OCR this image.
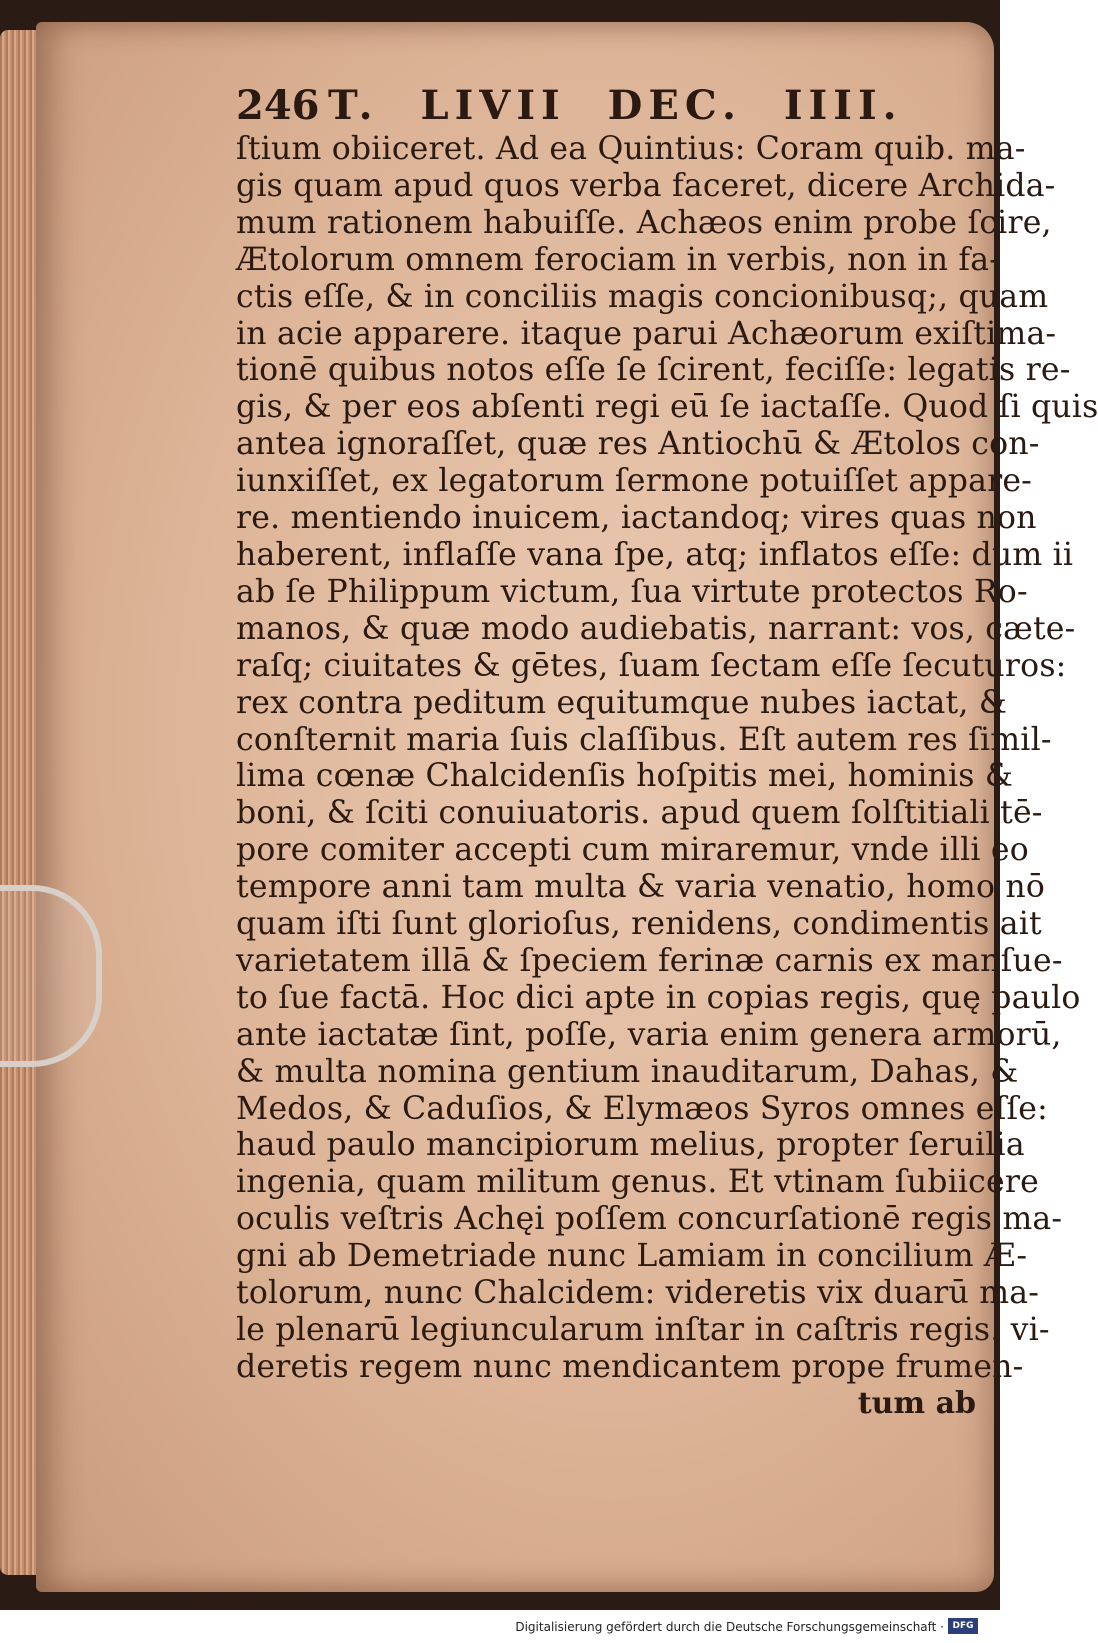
246 T. LIVII DEC. IIII.
ſtium obiiceret. Ad ea Quintius: Coram quib. ma-
gis quam apud quos verba faceret, dicere Archida-
mum rationem habuiſſe. Achæos enim probe ſcire,
Ætolorum omnem ferociam in verbis, non in fa-
ctis eſſe, & in conciliis magis concionibusq;, quam
in acie apparere. itaque parui Achæorum exiſtima-
tionē quibus notos eſſe ſe ſcirent, feciſſe: legatis re-
gis, & per eos abſenti regi eū ſe iactaſſe. Quod ſi quis
antea ignoraſſet, quæ res Antiochū & Ætolos con-
iunxiſſet, ex legatorum ſermone potuiſſet appare-
re. mentiendo inuicem, iactandoq; vires quas non
haberent, inflaſſe vana ſpe, atq; inflatos eſſe: dum ii
ab ſe Philippum victum, ſua virtute protectos Ro-
manos, & quæ modo audiebatis, narrant: vos, cæte-
raſq; ciuitates & gētes, ſuam ſectam eſſe ſecuturos:
rex contra peditum equitumque nubes iactat, &
conſternit maria ſuis claſſibus. Eſt autem res ſimil-
lima cœnæ Chalcidenſis hoſpitis mei, hominis &
boni, & ſciti conuiuatoris. apud quem ſolſtitiali tē-
pore comiter accepti cum miraremur, vnde illi eo
tempore anni tam multa & varia venatio, homo nō
quam iſti ſunt glorioſus, renidens, condimentis ait
varietatem illā & ſpeciem ferinæ carnis ex manſue-
to ſue factā. Hoc dici apte in copias regis, quę paulo
ante iactatæ ſint, poſſe, varia enim genera armorū,
& multa nomina gentium inauditarum, Dahas, &
Medos, & Caduſios, & Elymæos Syros omnes eſſe:
haud paulo mancipiorum melius, propter ſeruilia
ingenia, quam militum genus. Et vtinam ſubiicere
oculis veſtris Achęi poſſem concurſationē regis ma-
gni ab Demetriade nunc Lamiam in concilium Æ-
tolorum, nunc Chalcidem: videretis vix duarū ma-
le plenarū legiuncularum inſtar in caſtris regis. vi-
deretis regem nunc mendicantem prope frumen-
tum ab
Digitalisierung gefördert durch die Deutsche Forschungsgemeinschaft · DFG
